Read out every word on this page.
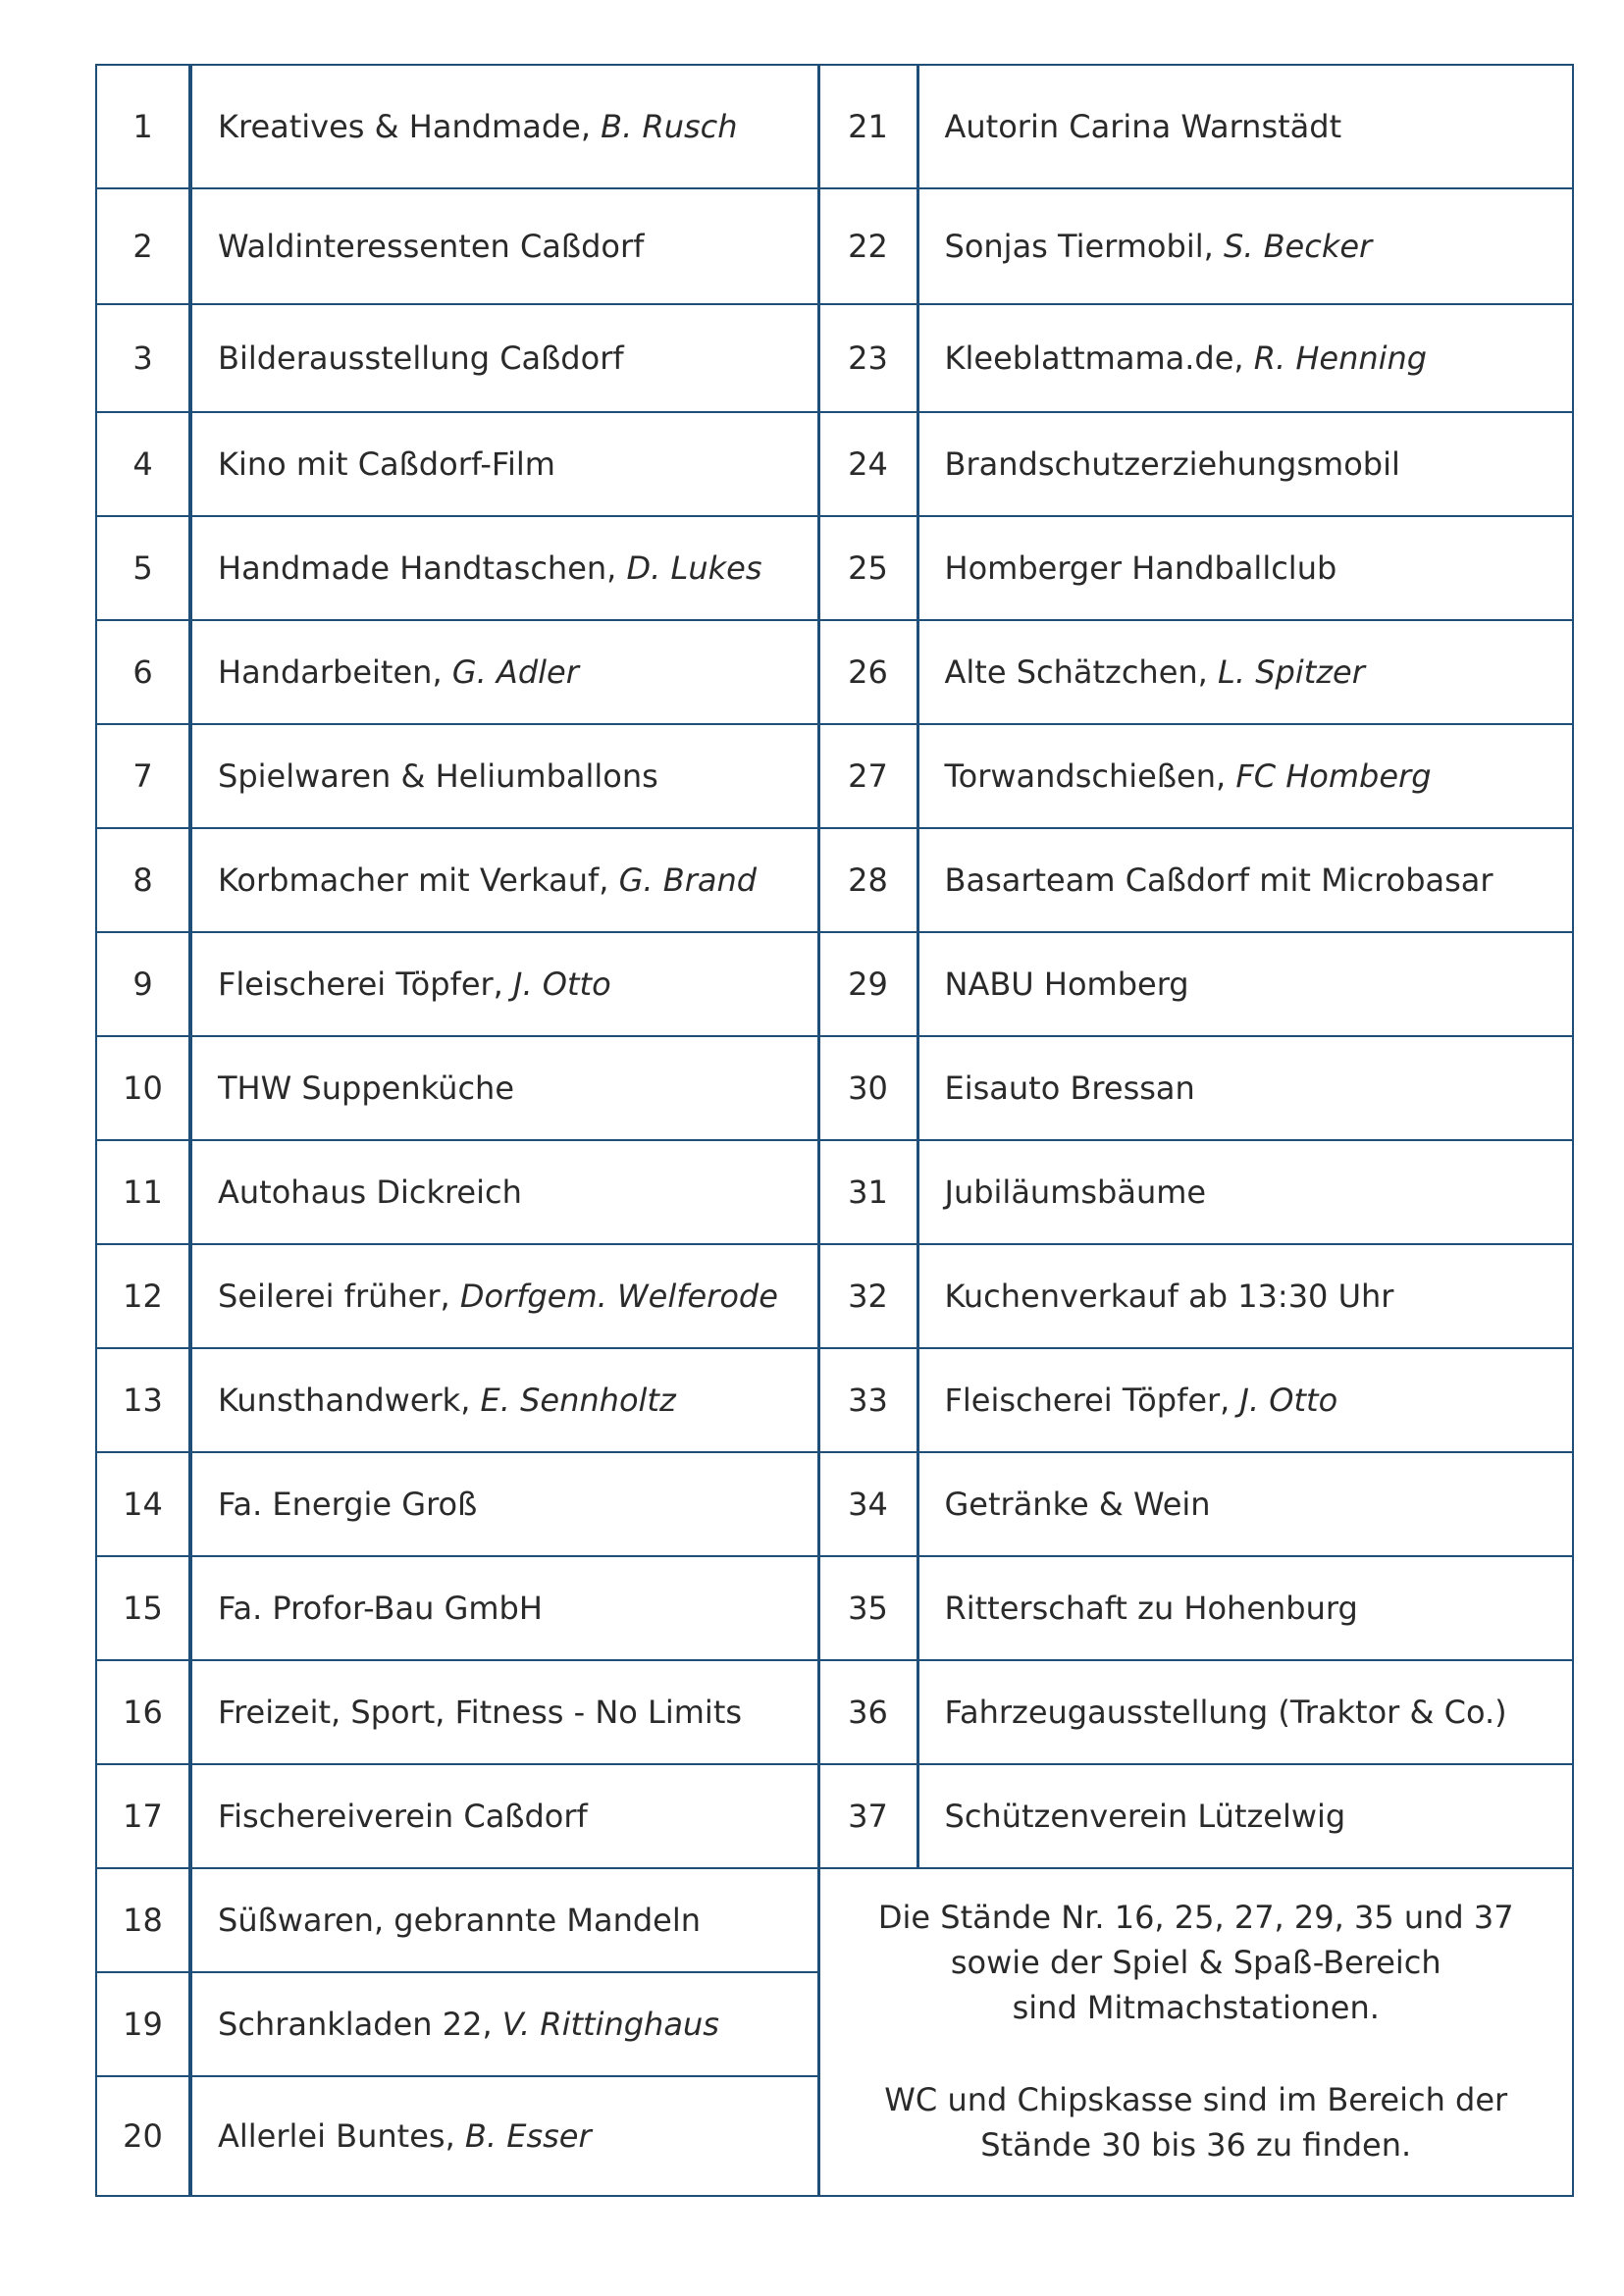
1	Kreatives & Handmade, B. Rusch	21	Autorin Carina Warnstädt
2	Waldinteressenten Caßdorf	22	Sonjas Tiermobil, S. Becker
3	Bilderausstellung Caßdorf	23	Kleeblattmama.de, R. Henning
4	Kino mit Caßdorf-Film	24	Brandschutzerziehungsmobil
5	Handmade Handtaschen, D. Lukes	25	Homberger Handballclub
6	Handarbeiten, G. Adler	26	Alte Schätzchen, L. Spitzer
7	Spielwaren & Heliumballons	27	Torwandschießen, FC Homberg
8	Korbmacher mit Verkauf, G. Brand	28	Basarteam Caßdorf mit Microbasar
9	Fleischerei Töpfer, J. Otto	29	NABU Homberg
10	THW Suppenküche	30	Eisauto Bressan
11	Autohaus Dickreich	31	Jubiläumsbäume
12	Seilerei früher, Dorfgem. Welferode	32	Kuchenverkauf ab 13:30 Uhr
13	Kunsthandwerk, E. Sennholtz	33	Fleischerei Töpfer, J. Otto
14	Fa. Energie Groß	34	Getränke & Wein
15	Fa. Profor-Bau GmbH	35	Ritterschaft zu Hohenburg
16	Freizeit, Sport, Fitness - No Limits	36	Fahrzeugausstellung (Traktor & Co.)
17	Fischereiverein Caßdorf	37	Schützenverein Lützelwig
18	Süßwaren, gebrannte Mandeln	Die Stände Nr. 16, 25, 27, 29, 35 und 37

sowie der Spiel & Spaß-Bereich

sind Mitmachstationen.

WC und Chipskasse sind im Bereich der

Stände 30 bis 36 zu finden.	

19	Schrankladen 22, V. Rittinghaus		
20	Allerlei Buntes, B. Esser		
